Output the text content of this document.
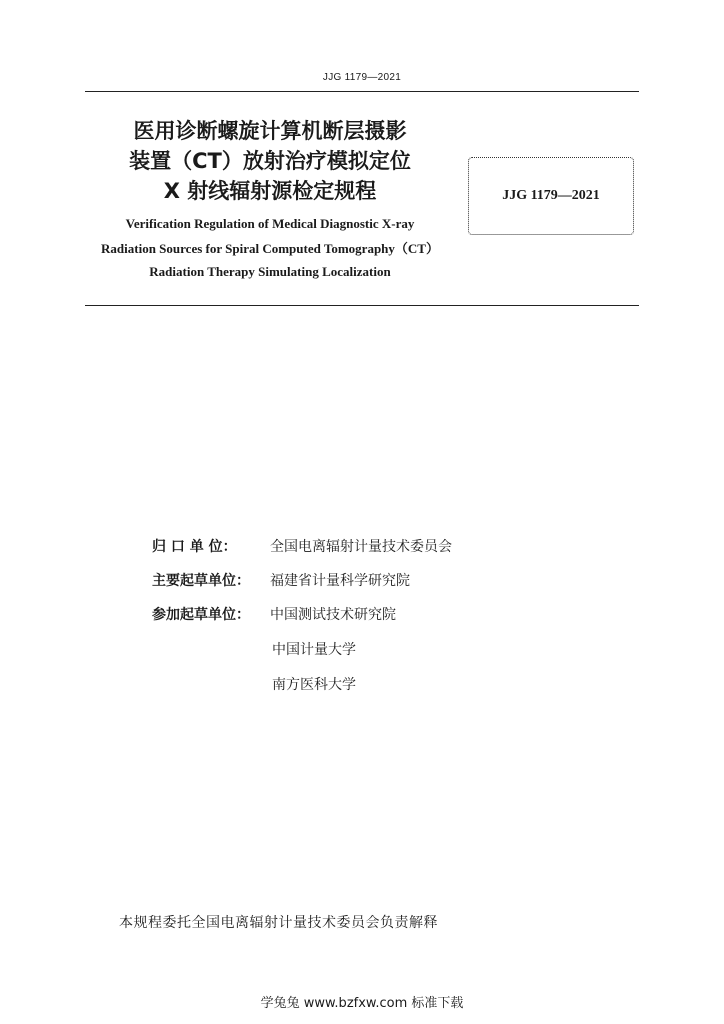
JJG 1179—2021
医用诊断螺旋计算机断层摄影
装置（CT）放射治疗模拟定位
X 射线辐射源检定规程
Verification Regulation of Medical Diagnostic X-ray
Radiation Sources for Spiral Computed Tomography（CT）
Radiation Therapy Simulating Localization
JJG 1179—2021
归 口 单 位： 全国电离辐射计量技术委员会
主要起草单位： 福建省计量科学研究院
参加起草单位： 中国测试技术研究院
中国计量大学
南方医科大学
本规程委托全国电离辐射计量技术委员会负责解释
学兔兔 www.bzfxw.com 标准下载
